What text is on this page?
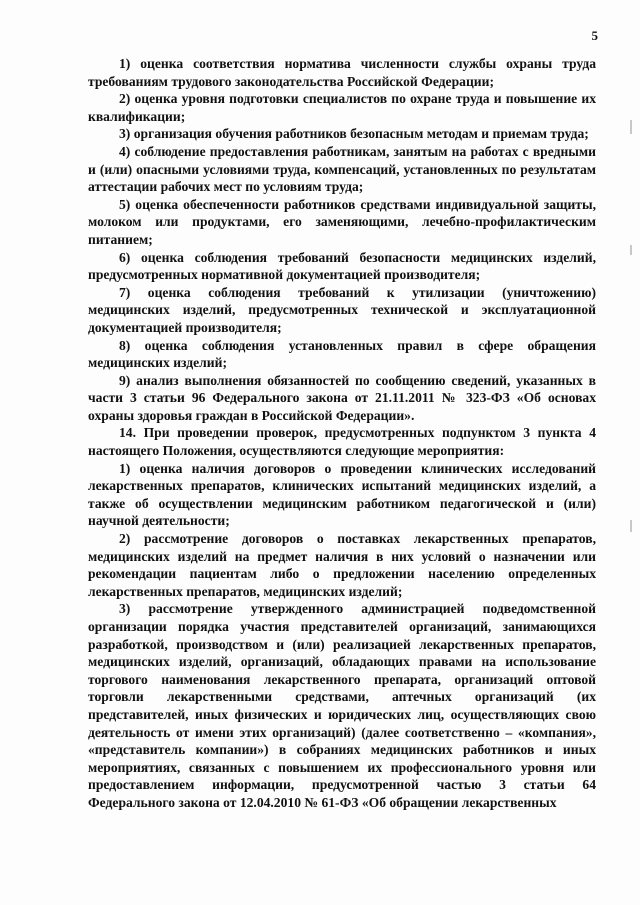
5

1) оценка соответствия норматива численности службы охраны труда требованиям трудового законодательства Российской Федерации;

2) оценка уровня подготовки специалистов по охране труда и повышение их квалификации;

3) организация обучения работников безопасным методам и приемам труда;

4) соблюдение предоставления работникам, занятым на работах с вредными и (или) опасными условиями труда, компенсаций, установленных по результатам аттестации рабочих мест по условиям труда;

5) оценка обеспеченности работников средствами индивидуальной защиты, молоком или продуктами, его заменяющими, лечебно-профилактическим питанием;

6) оценка соблюдения требований безопасности медицинских изделий, предусмотренных нормативной документацией производителя;

7) оценка соблюдения требований к утилизации (уничтожению) медицинских изделий, предусмотренных технической и эксплуатационной документацией производителя;

8) оценка соблюдения установленных правил в сфере обращения медицинских изделий;

9) анализ выполнения обязанностей по сообщению сведений, указанных в части 3 статьи 96 Федерального закона от 21.11.2011 № 323-ФЗ «Об основах охраны здоровья граждан в Российской Федерации».

14. При проведении проверок, предусмотренных подпунктом 3 пункта 4 настоящего Положения, осуществляются следующие мероприятия:

1) оценка наличия договоров о проведении клинических исследований лекарственных препаратов, клинических испытаний медицинских изделий, а также об осуществлении медицинским работником педагогической и (или) научной деятельности;

2) рассмотрение договоров о поставках лекарственных препаратов, медицинских изделий на предмет наличия в них условий о назначении или рекомендации пациентам либо о предложении населению определенных лекарственных препаратов, медицинских изделий;

3) рассмотрение утвержденного администрацией подведомственной организации порядка участия представителей организаций, занимающихся разработкой, производством и (или) реализацией лекарственных препаратов, медицинских изделий, организаций, обладающих правами на использование торгового наименования лекарственного препарата, организаций оптовой торговли лекарственными средствами, аптечных организаций (их представителей, иных физических и юридических лиц, осуществляющих свою деятельность от имени этих организаций) (далее соответственно – «компания», «представитель компании») в собраниях медицинских работников и иных мероприятиях, связанных с повышением их профессионального уровня или предоставлением информации, предусмотренной частью 3 статьи 64 Федерального закона от 12.04.2010 № 61-ФЗ «Об обращении лекарственных
